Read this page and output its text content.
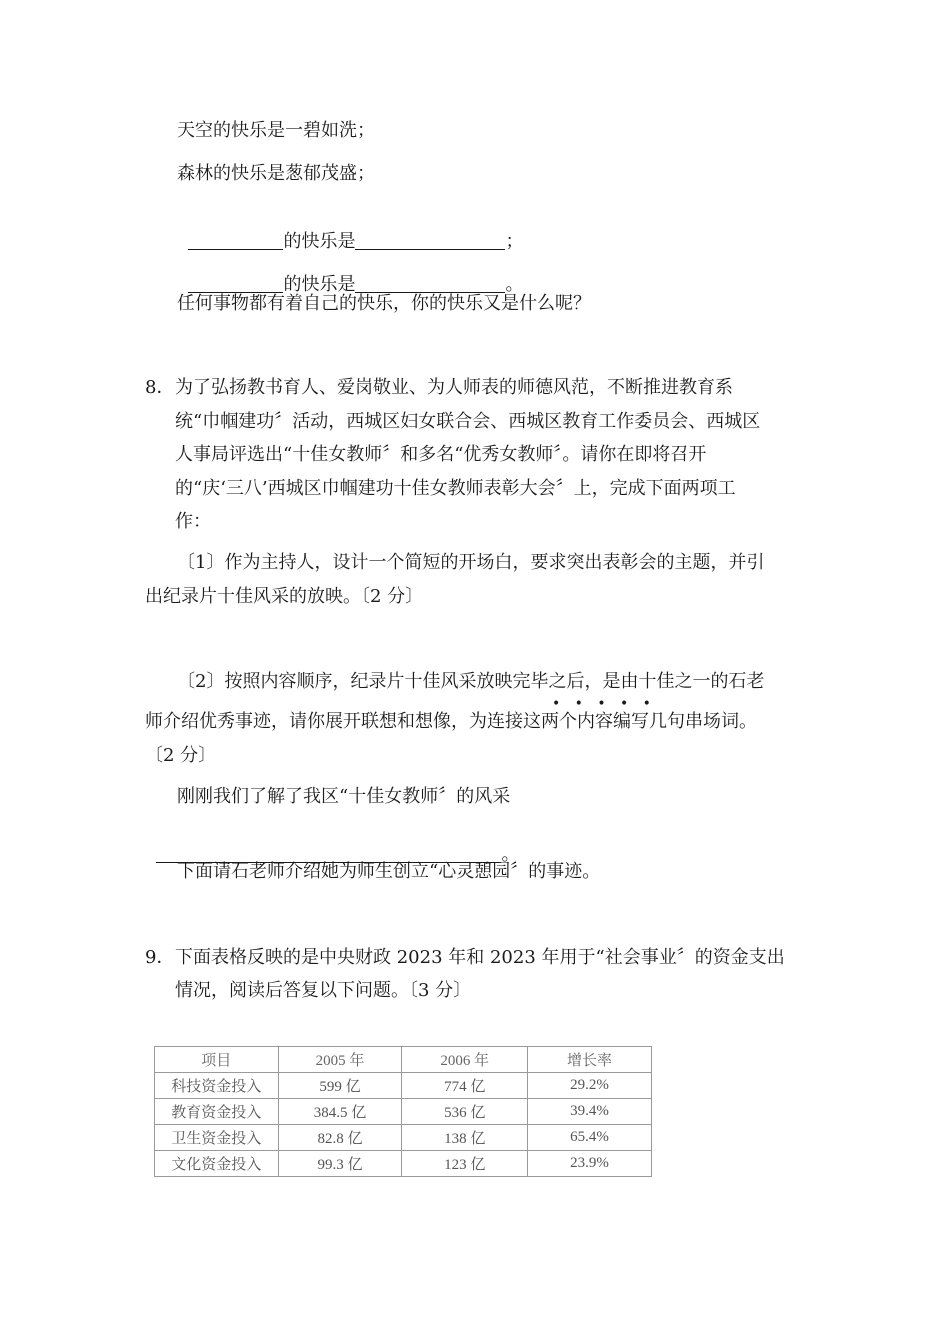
天空的快乐是一碧如洗；
森林的快乐是葱郁茂盛；

的快乐是	；

的快乐是	。

任何事物都有着自己的快乐，你的快乐又是什么呢？
8． 为了弘扬教书育人、爱岗敬业、为人师表的师德风范，不断推进教育系
统“巾帼建功〞活动，西城区妇女联合会、西城区教育工作委员会、西城区
人事局评选出“十佳女教师〞和多名“优秀女教师〞。请你在即将召开
的“庆‘三八’西城区巾帼建功十佳女教师表彰大会〞上，完成下面两项工
作：
〔1〕作为主持人，设计一个简短的开场白，要求突出表彰会的主题，并引
出纪录片十佳风采的放映。〔2 分〕
〔2〕按照内容顺序，纪录片十佳风采放映完毕之后，是由十佳之一的石老
•••••
师介绍优秀事迹，请你展开联想和想像，为连接这两个内容编写几句串场词。
〔2 分〕
刚刚我们了解了我区“十佳女教师〞的风采

。

下面请石老师介绍她为师生创立“心灵憩园〞的事迹。
9． 下面表格反映的是中央财政 2023 年和 2023 年用于“社会事业〞的资金支出
情况，阅读后答复以下问题。〔3 分〕
项目	2005 年	2006 年	增长率
科技资金投入	599 亿	774 亿	29.2%
教育资金投入	384.5 亿	536 亿	39.4%
卫生资金投入	82.8 亿	138 亿	65.4%
文化资金投入	99.3 亿	123 亿	23.9%
